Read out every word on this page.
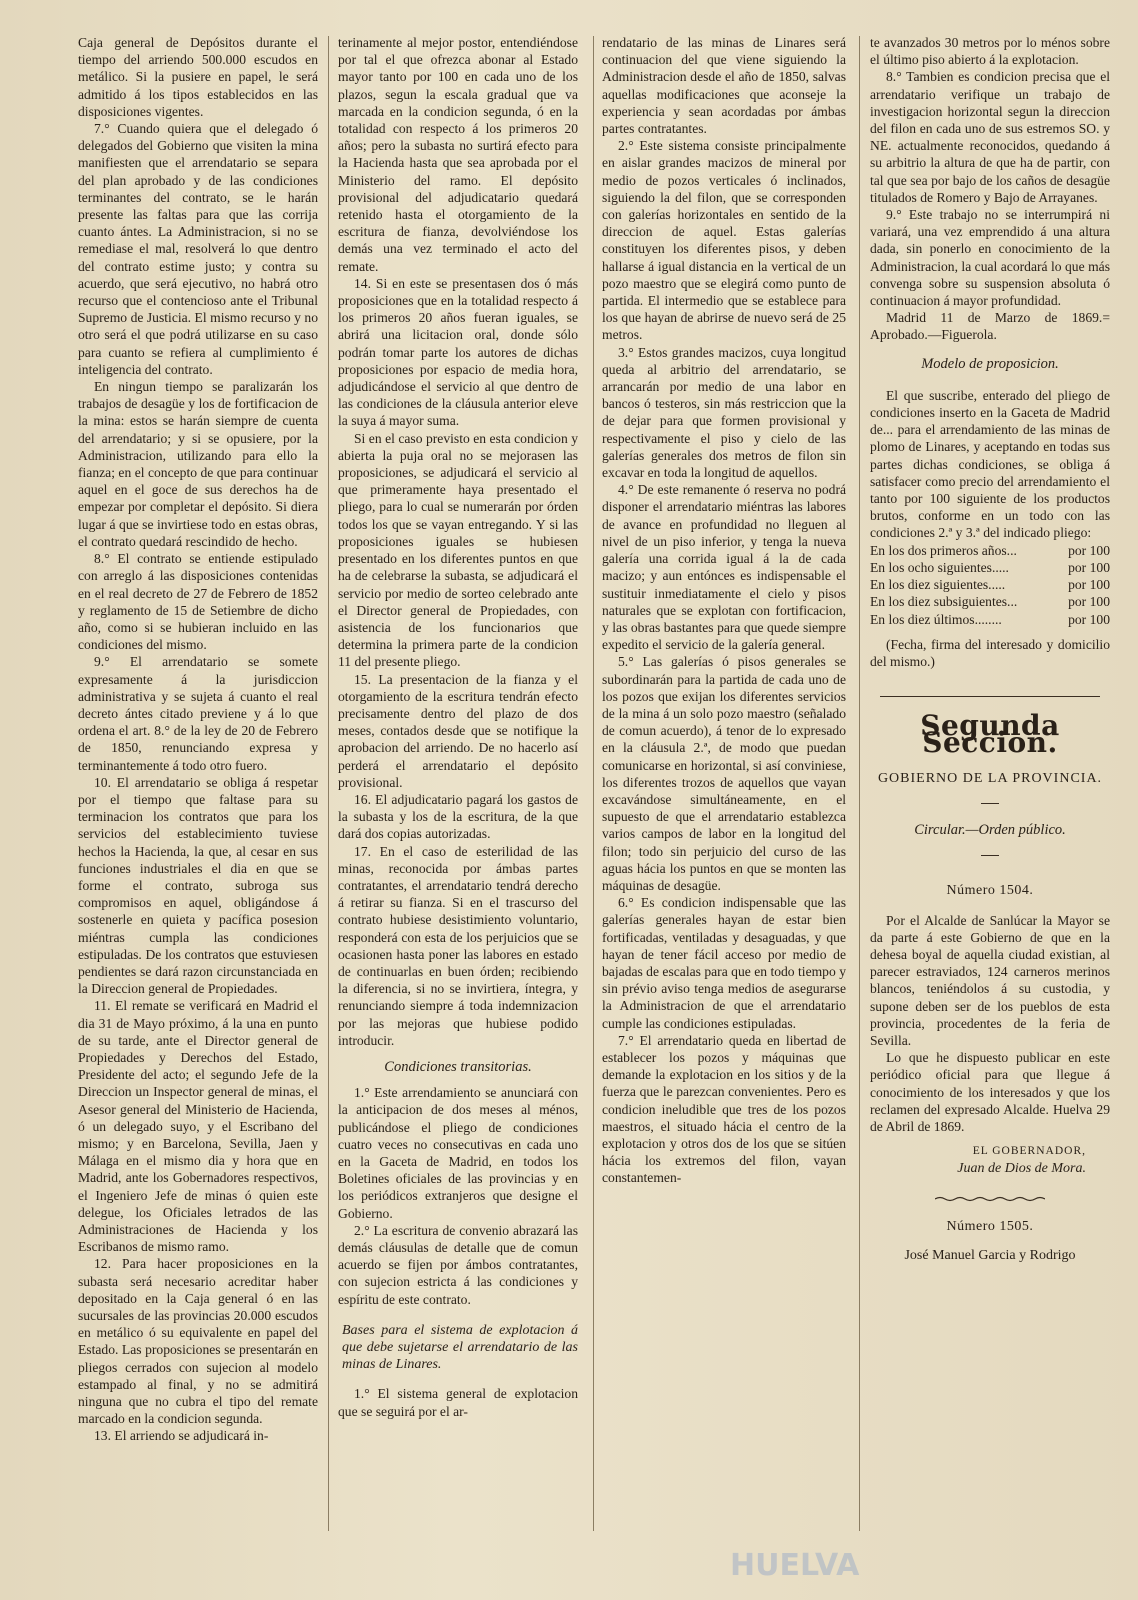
Caja general de Depósitos durante el tiempo del arriendo 500.000 escudos en metálico. Si la pusiere en papel, le será admitido á los tipos establecidos en las disposiciones vigentes.

7.° Cuando quiera que el delegado ó delegados del Gobierno que visiten la mina manifiesten que el arrendatario se separa del plan aprobado y de las condiciones terminantes del contrato, se le harán presente las faltas para que las corrija cuanto ántes. La Administracion, si no se remediase el mal, resolverá lo que dentro del contrato estime justo; y contra su acuerdo, que será ejecutivo, no habrá otro recurso que el contencioso ante el Tribunal Supremo de Justicia. El mismo recurso y no otro será el que podrá utilizarse en su caso para cuanto se refiera al cumplimiento é inteligencia del contrato.

En ningun tiempo se paralizarán los trabajos de desagüe y los de fortificacion de la mina: estos se harán siempre de cuenta del arrendatario; y si se opusiere, por la Administracion, utilizando para ello la fianza; en el concepto de que para continuar aquel en el goce de sus derechos ha de empezar por completar el depósito. Si diera lugar á que se invirtiese todo en estas obras, el contrato quedará rescindido de hecho.

8.° El contrato se entiende estipulado con arreglo á las disposiciones contenidas en el real decreto de 27 de Febrero de 1852 y reglamento de 15 de Setiembre de dicho año, como si se hubieran incluido en las condiciones del mismo.

9.° El arrendatario se somete expresamente á la jurisdiccion administrativa y se sujeta á cuanto el real decreto ántes citado previene y á lo que ordena el art. 8.° de la ley de 20 de Febrero de 1850, renunciando expresa y terminantemente á todo otro fuero.

10. El arrendatario se obliga á respetar por el tiempo que faltase para su terminacion los contratos que para los servicios del establecimiento tuviese hechos la Hacienda, la que, al cesar en sus funciones industriales el dia en que se forme el contrato, subroga sus compromisos en aquel, obligándose á sostenerle en quieta y pacífica posesion miéntras cumpla las condiciones estipuladas. De los contratos que estuviesen pendientes se dará razon circunstanciada en la Direccion general de Propiedades.

11. El remate se verificará en Madrid el dia 31 de Mayo próximo, á la una en punto de su tarde, ante el Director general de Propiedades y Derechos del Estado, Presidente del acto; el segundo Jefe de la Direccion un Inspector general de minas, el Asesor general del Ministerio de Hacienda, ó un delegado suyo, y el Escribano del mismo; y en Barcelona, Sevilla, Jaen y Málaga en el mismo dia y hora que en Madrid, ante los Gobernadores respectivos, el Ingeniero Jefe de minas ó quien este delegue, los Oficiales letrados de las Administraciones de Hacienda y los Escribanos de mismo ramo.

12. Para hacer proposiciones en la subasta será necesario acreditar haber depositado en la Caja general ó en las sucursales de las provincias 20.000 escudos en metálico ó su equivalente en papel del Estado. Las proposiciones se presentarán en pliegos cerrados con sujecion al modelo estampado al final, y no se admitirá ninguna que no cubra el tipo del remate marcado en la condicion segunda.

13. El arriendo se adjudicará in-

terinamente al mejor postor, entendiéndose por tal el que ofrezca abonar al Estado mayor tanto por 100 en cada uno de los plazos, segun la escala gradual que va marcada en la condicion segunda, ó en la totalidad con respecto á los primeros 20 años; pero la subasta no surtirá efecto para la Hacienda hasta que sea aprobada por el Ministerio del ramo. El depósito provisional del adjudicatario quedará retenido hasta el otorgamiento de la escritura de fianza, devolviéndose los demás una vez terminado el acto del remate.

14. Si en este se presentasen dos ó más proposiciones que en la totalidad respecto á los primeros 20 años fueran iguales, se abrirá una licitacion oral, donde sólo podrán tomar parte los autores de dichas proposiciones por espacio de media hora, adjudicándose el servicio al que dentro de las condiciones de la cláusula anterior eleve la suya á mayor suma.

Si en el caso previsto en esta condicion y abierta la puja oral no se mejorasen las proposiciones, se adjudicará el servicio al que primeramente haya presentado el pliego, para lo cual se numerarán por órden todos los que se vayan entregando. Y si las proposiciones iguales se hubiesen presentado en los diferentes puntos en que ha de celebrarse la subasta, se adjudicará el servicio por medio de sorteo celebrado ante el Director general de Propiedades, con asistencia de los funcionarios que determina la primera parte de la condicion 11 del presente pliego.

15. La presentacion de la fianza y el otorgamiento de la escritura tendrán efecto precisamente dentro del plazo de dos meses, contados desde que se notifique la aprobacion del arriendo. De no hacerlo así perderá el arrendatario el depósito provisional.

16. El adjudicatario pagará los gastos de la subasta y los de la escritura, de la que dará dos copias autorizadas.

17. En el caso de esterilidad de las minas, reconocida por ámbas partes contratantes, el arrendatario tendrá derecho á retirar su fianza. Si en el trascurso del contrato hubiese desistimiento voluntario, responderá con esta de los perjuicios que se ocasionen hasta poner las labores en estado de continuarlas en buen órden; recibiendo la diferencia, si no se invirtiera, íntegra, y renunciando siempre á toda indemnizacion por las mejoras que hubiese podido introducir.

Condiciones transitorias.

1.° Este arrendamiento se anunciará con la anticipacion de dos meses al ménos, publicándose el pliego de condiciones cuatro veces no consecutivas en cada uno en la Gaceta de Madrid, en todos los Boletines oficiales de las provincias y en los periódicos extranjeros que designe el Gobierno.

2.° La escritura de convenio abrazará las demás cláusulas de detalle que de comun acuerdo se fijen por ámbos contratantes, con sujecion estricta á las condiciones y espíritu de este contrato.

Bases para el sistema de explotacion á que debe sujetarse el arrendatario de las minas de Linares.

1.° El sistema general de explotacion que se seguirá por el ar-

rendatario de las minas de Linares será continuacion del que viene siguiendo la Administracion desde el año de 1850, salvas aquellas modificaciones que aconseje la experiencia y sean acordadas por ámbas partes contratantes.

2.° Este sistema consiste principalmente en aislar grandes macizos de mineral por medio de pozos verticales ó inclinados, siguiendo la del filon, que se corresponden con galerías horizontales en sentido de la direccion de aquel. Estas galerías constituyen los diferentes pisos, y deben hallarse á igual distancia en la vertical de un pozo maestro que se elegirá como punto de partida. El intermedio que se establece para los que hayan de abrirse de nuevo será de 25 metros.

3.° Estos grandes macizos, cuya longitud queda al arbitrio del arrendatario, se arrancarán por medio de una labor en bancos ó testeros, sin más restriccion que la de dejar para que formen provisional y respectivamente el piso y cielo de las galerías generales dos metros de filon sin excavar en toda la longitud de aquellos.

4.° De este remanente ó reserva no podrá disponer el arrendatario miéntras las labores de avance en profundidad no lleguen al nivel de un piso inferior, y tenga la nueva galería una corrida igual á la de cada macizo; y aun entónces es indispensable el sustituir inmediatamente el cielo y pisos naturales que se explotan con fortificacion, y las obras bastantes para que quede siempre expedito el servicio de la galería general.

5.° Las galerías ó pisos generales se subordinarán para la partida de cada uno de los pozos que exijan los diferentes servicios de la mina á un solo pozo maestro (señalado de comun acuerdo), á tenor de lo expresado en la cláusula 2.ª, de modo que puedan comunicarse en horizontal, si así conviniese, los diferentes trozos de aquellos que vayan excavándose simultáneamente, en el supuesto de que el arrendatario establezca varios campos de labor en la longitud del filon; todo sin perjuicio del curso de las aguas hácia los puntos en que se monten las máquinas de desagüe.

6.° Es condicion indispensable que las galerías generales hayan de estar bien fortificadas, ventiladas y desaguadas, y que hayan de tener fácil acceso por medio de bajadas de escalas para que en todo tiempo y sin prévio aviso tenga medios de asegurarse la Administracion de que el arrendatario cumple las condiciones estipuladas.

7.° El arrendatario queda en libertad de establecer los pozos y máquinas que demande la explotacion en los sitios y de la fuerza que le parezcan convenientes. Pero es condicion ineludible que tres de los pozos maestros, el situado hácia el centro de la explotacion y otros dos de los que se sitúen hácia los extremos del filon, vayan constantemen-

te avanzados 30 metros por lo ménos sobre el último piso abierto á la explotacion.

8.° Tambien es condicion precisa que el arrendatario verifique un trabajo de investigacion horizontal segun la direccion del filon en cada uno de sus estremos SO. y NE. actualmente reconocidos, quedando á su arbitrio la altura de que ha de partir, con tal que sea por bajo de los caños de desagüe titulados de Romero y Bajo de Arrayanes.

9.° Este trabajo no se interrumpirá ni variará, una vez emprendido á una altura dada, sin ponerlo en conocimiento de la Administracion, la cual acordará lo que más convenga sobre su suspension absoluta ó continuacion á mayor profundidad.

Madrid 11 de Marzo de 1869.= Aprobado.—Figuerola.

Modelo de proposicion.

El que suscribe, enterado del pliego de condiciones inserto en la Gaceta de Madrid de... para el arrendamiento de las minas de plomo de Linares, y aceptando en todas sus partes dichas condiciones, se obliga á satisfacer como precio del arrendamiento el tanto por 100 siguiente de los productos brutos, conforme en un todo con las condiciones 2.ª y 3.ª del indicado pliego:

En los dos primeros años...	por 100
En los ocho siguientes.....	por 100
En los diez siguientes.....	por 100
En los diez subsiguientes...	por 100
En los diez últimos........	por 100

(Fecha, firma del interesado y domicilio del mismo.)

Segunda Seccion.
GOBIERNO DE LA PROVINCIA.
Circular.—Orden público.
Número 1504.

Por el Alcalde de Sanlúcar la Mayor se da parte á este Gobierno de que en la dehesa boyal de aquella ciudad existian, al parecer estraviados, 124 carneros merinos blancos, teniéndolos á su custodia, y supone deben ser de los pueblos de esta provincia, procedentes de la feria de Sevilla.

Lo que he dispuesto publicar en este periódico oficial para que llegue á conocimiento de los interesados y que los reclamen del expresado Alcalde. Huelva 29 de Abril de 1869.

EL GOBERNADOR,
Juan de Dios de Mora.
Número 1505.
José Manuel Garcia y Rodrigo
HUELVA
